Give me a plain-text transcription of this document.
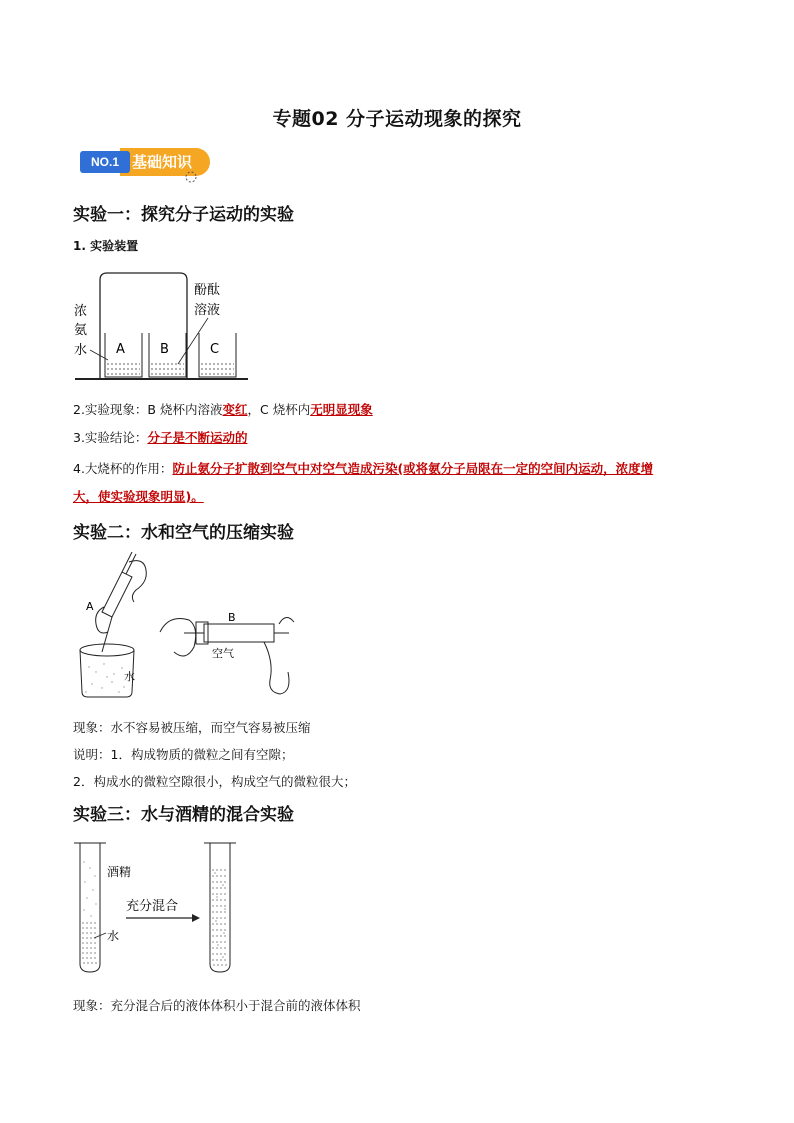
专题02 分子运动现象的探究
NO.1 基础知识
实验一：探究分子运动的实验
1. 实验装置
A	B	C
浓
氨
水
酚酞
溶液
2.实验现象：B 烧杯内溶液变红，C 烧杯内无明显现象
3.实验结论：分子是不断运动的
4.大烧杯的作用：防止氨分子扩散到空气中对空气造成污染(或将氨分子局限在一定的空间内运动，浓度增
大，使实验现象明显)。
实验二：水和空气的压缩实验
A
水
B
空气
现象：水不容易被压缩，而空气容易被压缩
说明：1．构成物质的微粒之间有空隙；
2．构成水的微粒空隙很小，构成空气的微粒很大；
实验三：水与酒精的混合实验
酒精
水
充分混合
现象：充分混合后的液体体积小于混合前的液体体积
